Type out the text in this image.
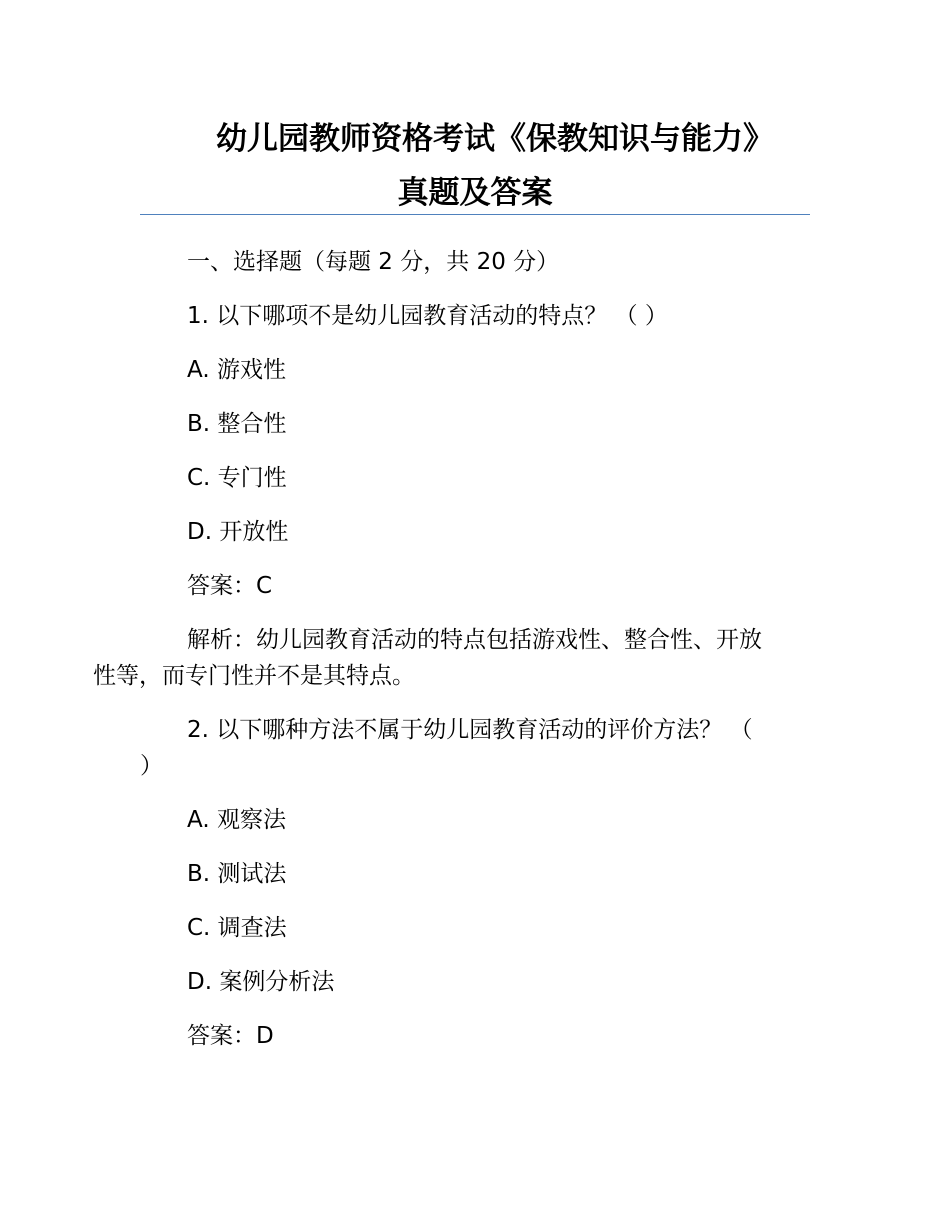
幼儿园教师资格考试《保教知识与能力》

真题及答案

一、选择题（每题 2 分，共 20 分）

1. 以下哪项不是幼儿园教育活动的特点？ （ ）

A. 游戏性

B. 整合性

C. 专门性

D. 开放性

答案：C

解析：幼儿园教育活动的特点包括游戏性、整合性、开放
性等，而专门性并不是其特点。

2. 以下哪种方法不属于幼儿园教育活动的评价方法？ （
）

A. 观察法

B. 测试法

C. 调查法

D. 案例分析法

答案：D
